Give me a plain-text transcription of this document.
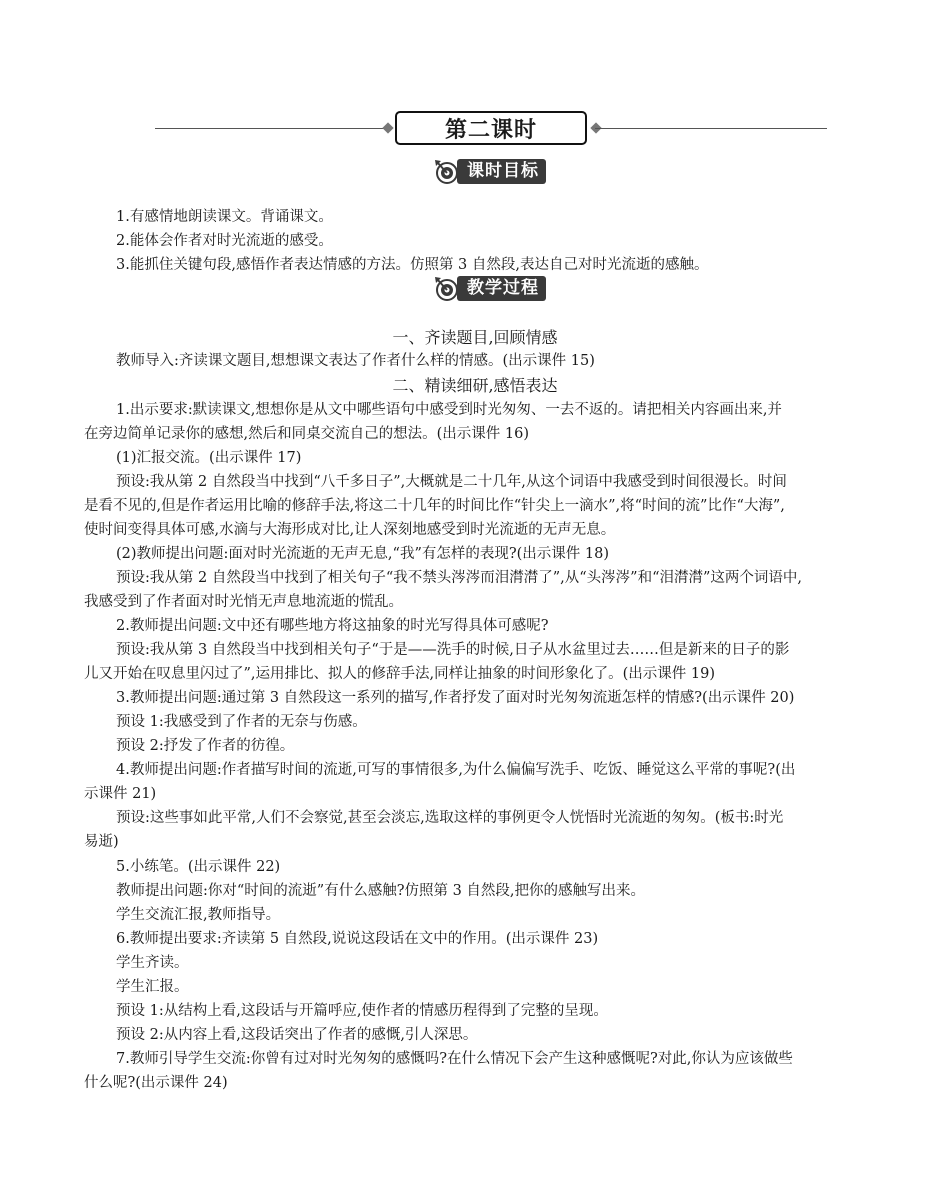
第二课时
课时目标
1.有感情地朗读课文。背诵课文。
2.能体会作者对时光流逝的感受。
3.能抓住关键句段,感悟作者表达情感的方法。仿照第 3 自然段,表达自己对时光流逝的感触。
教学过程
一、齐读题目,回顾情感
教师导入:齐读课文题目,想想课文表达了作者什么样的情感。(出示课件 15)
二、精读细研,感悟表达
1.出示要求:默读课文,想想你是从文中哪些语句中感受到时光匆匆、一去不返的。请把相关内容画出来,并
在旁边简单记录你的感想,然后和同桌交流自己的想法。(出示课件 16)
(1)汇报交流。(出示课件 17)
预设:我从第 2 自然段当中找到“八千多日子”,大概就是二十几年,从这个词语中我感受到时间很漫长。时间
是看不见的,但是作者运用比喻的修辞手法,将这二十几年的时间比作“针尖上一滴水”,将“时间的流”比作“大海”,
使时间变得具体可感,水滴与大海形成对比,让人深刻地感受到时光流逝的无声无息。
(2)教师提出问题:面对时光流逝的无声无息,“我”有怎样的表现?(出示课件 18)
预设:我从第 2 自然段当中找到了相关句子“我不禁头涔涔而泪潸潸了”,从“头涔涔”和“泪潸潸”这两个词语中,
我感受到了作者面对时光悄无声息地流逝的慌乱。
2.教师提出问题:文中还有哪些地方将这抽象的时光写得具体可感呢?
预设:我从第 3 自然段当中找到相关句子“于是——洗手的时候,日子从水盆里过去……但是新来的日子的影
儿又开始在叹息里闪过了”,运用排比、拟人的修辞手法,同样让抽象的时间形象化了。(出示课件 19)
3.教师提出问题:通过第 3 自然段这一系列的描写,作者抒发了面对时光匆匆流逝怎样的情感?(出示课件 20)
预设 1:我感受到了作者的无奈与伤感。
预设 2:抒发了作者的彷徨。
4.教师提出问题:作者描写时间的流逝,可写的事情很多,为什么偏偏写洗手、吃饭、睡觉这么平常的事呢?(出
示课件 21)
预设:这些事如此平常,人们不会察觉,甚至会淡忘,选取这样的事例更令人恍悟时光流逝的匆匆。(板书:时光
易逝)
5.小练笔。(出示课件 22)
教师提出问题:你对“时间的流逝”有什么感触?仿照第 3 自然段,把你的感触写出来。
学生交流汇报,教师指导。
6.教师提出要求:齐读第 5 自然段,说说这段话在文中的作用。(出示课件 23)
学生齐读。
学生汇报。
预设 1:从结构上看,这段话与开篇呼应,使作者的情感历程得到了完整的呈现。
预设 2:从内容上看,这段话突出了作者的感慨,引人深思。
7.教师引导学生交流:你曾有过对时光匆匆的感慨吗?在什么情况下会产生这种感慨呢?对此,你认为应该做些
什么呢?(出示课件 24)
